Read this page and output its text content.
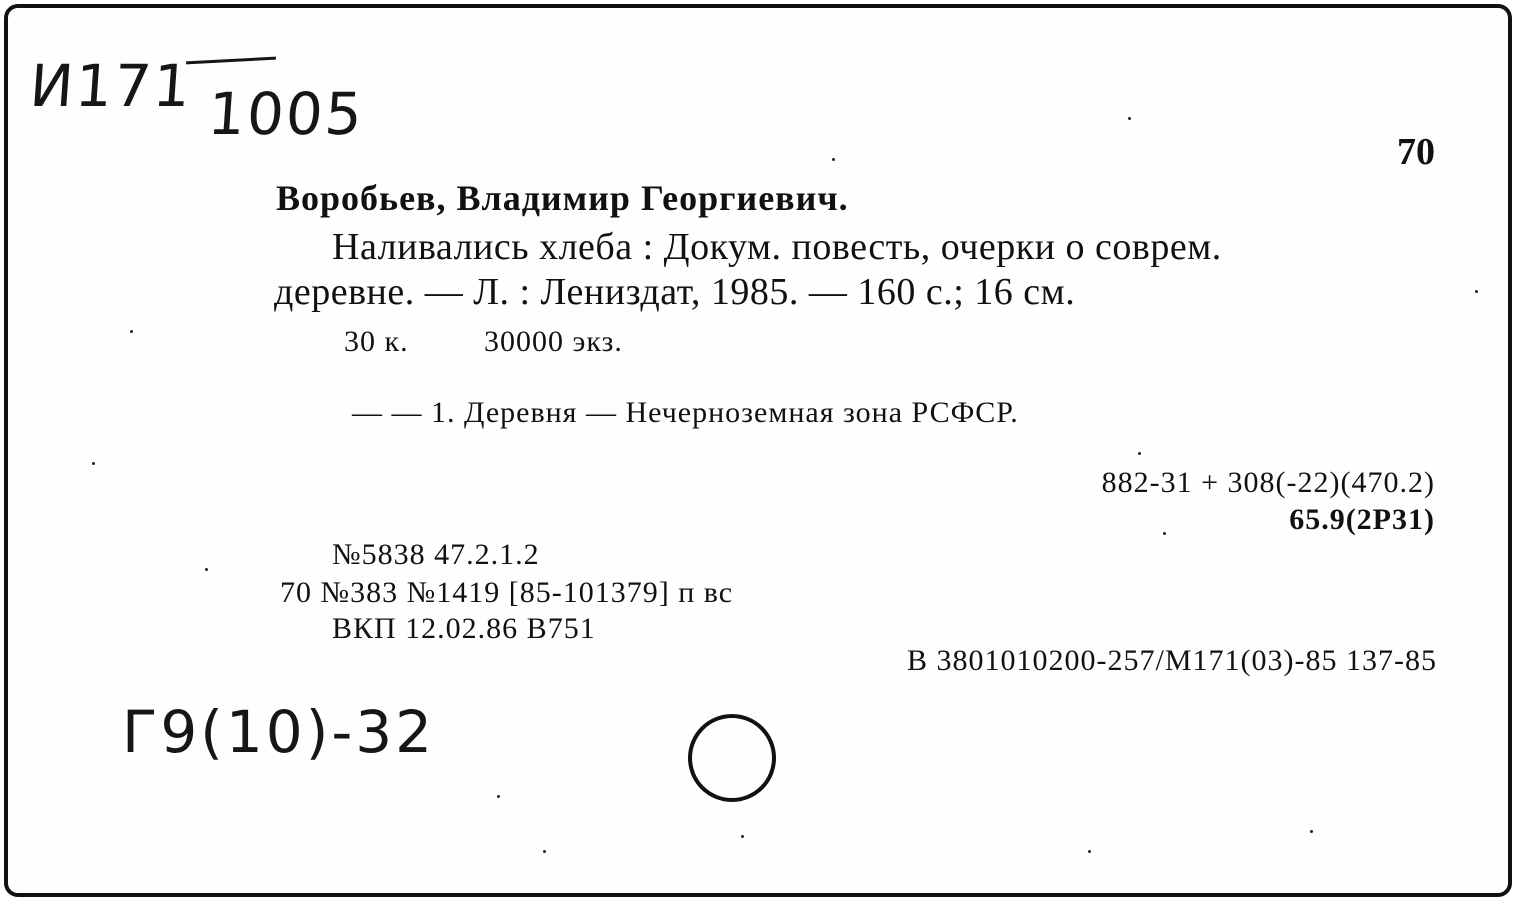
И171 1005
70
Воробьев, Владимир Георгиевич.
Наливались хлеба : Докум. повесть, очерки о соврем.
деревне. — Л. : Лениздат, 1985. — 160 с.; 16 см.
30 к.	30000 экз.
— — 1. Деревня — Нечерноземная зона РСФСР.
882-31 + 308(-22)(470.2)
65.9(2Р31)
№5838 47.2.1.2
70 №383 №1419 [85-101379] п вс
ВКП 12.02.86 В751
В 3801010200-257/М171(03)-85 137-85
Г9(10)-32
